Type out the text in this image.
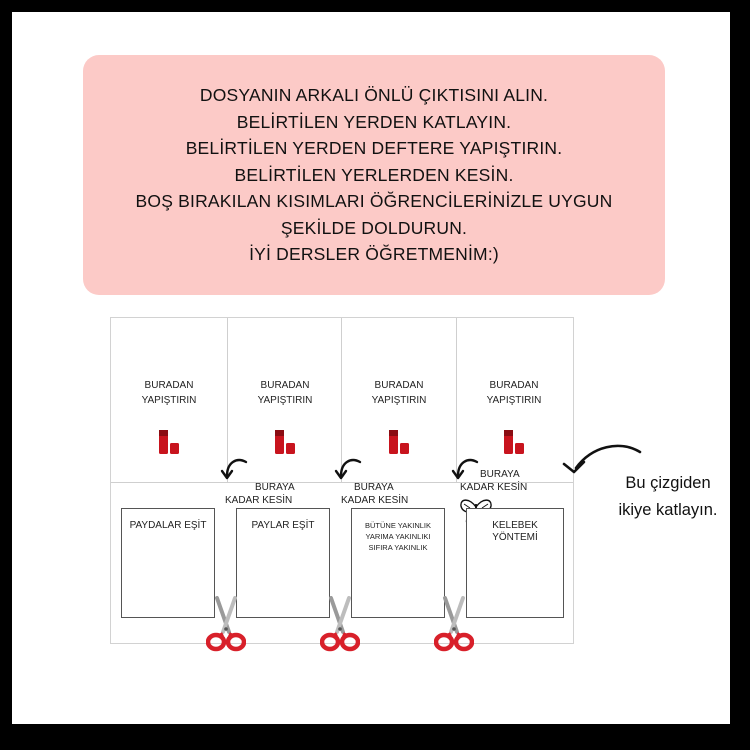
DOSYANIN ARKALI ÖNLÜ ÇIKTISINI ALIN.
BELİRTİLEN YERDEN KATLAYIN.
BELİRTİLEN YERDEN DEFTERE YAPIŞTIRIN.
BELİRTİLEN YERLERDEN KESİN.
BOŞ BIRAKILAN KISIMLARI ÖĞRENCİLERİNİZLE UYGUN
ŞEKİLDE DOLDURUN.
İYİ DERSLER ÖĞRETMENİM:)
BURADAN
YAPIŞTIRIN
BURADAN
YAPIŞTIRIN
BURADAN
YAPIŞTIRIN
BURADAN
YAPIŞTIRIN
BURAYA
KADAR KESİN
BURAYA
KADAR KESİN
BURAYA
KADAR KESİN
PAYDALAR EŞİT	PAYLAR EŞİT	BÜTÜNE YAKINLIK
YARIMA YAKINLIKI
SIFIRA YAKINLIK
KELEBEK
YÖNTEMİ
Bu çizgiden
ikiye katlayın.
